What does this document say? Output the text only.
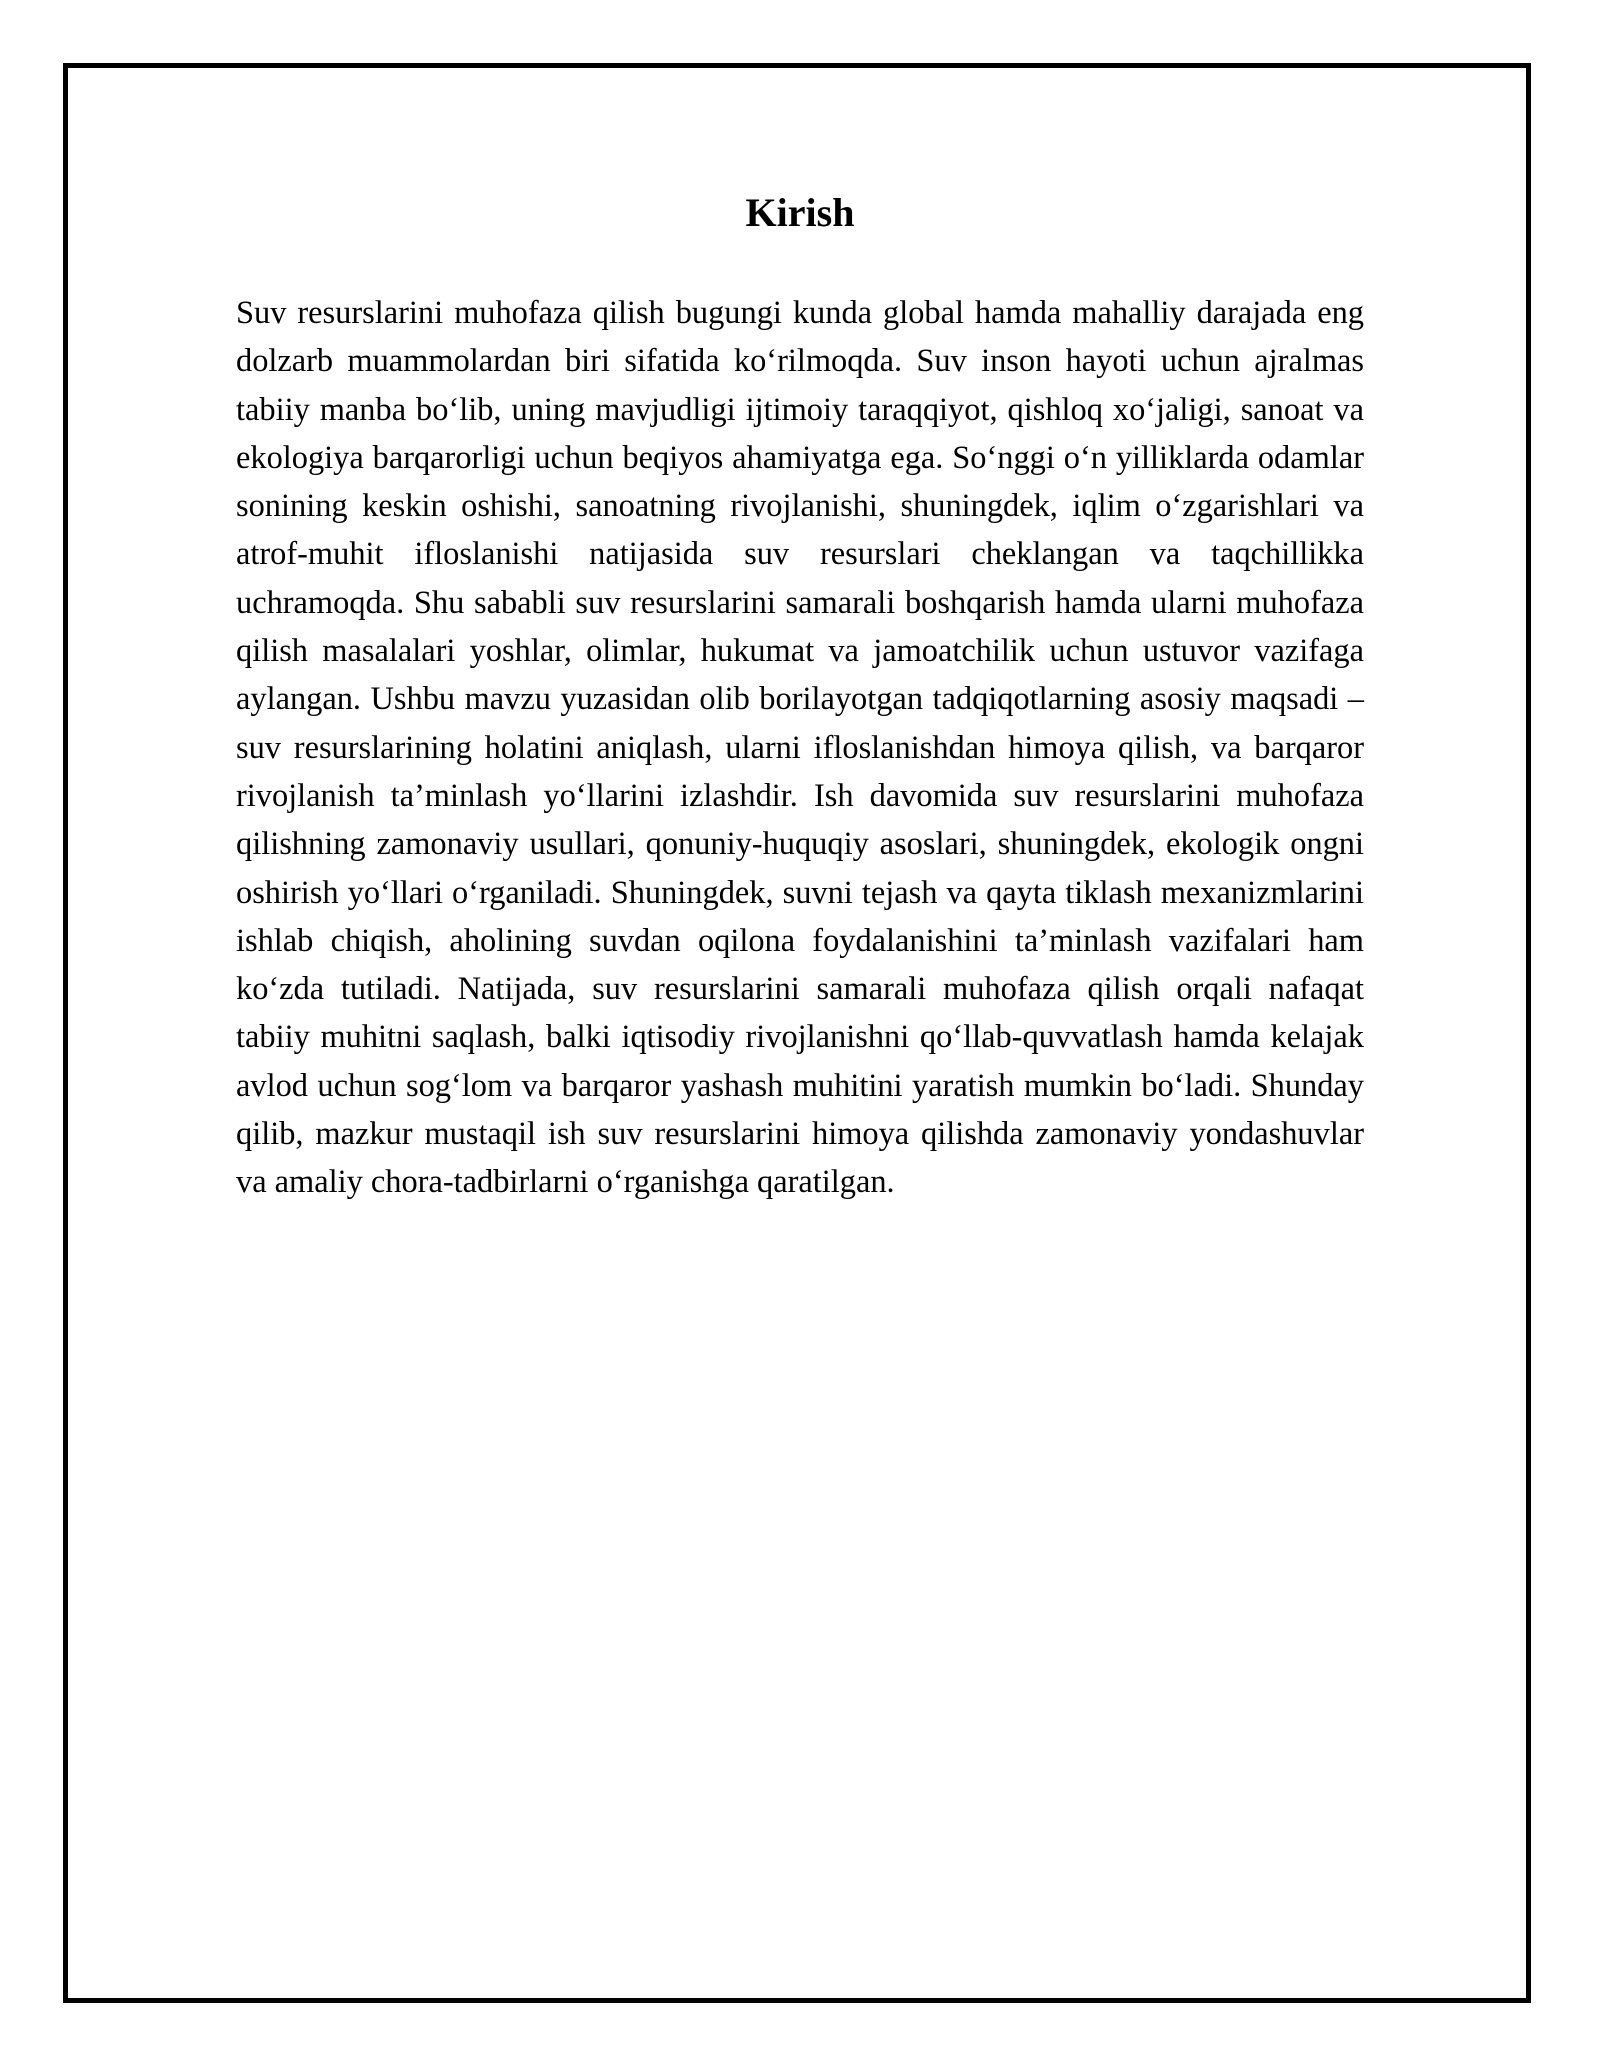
Kirish

Suv resurslarini muhofaza qilish bugungi kunda global hamda mahalliy darajada eng dolzarb muammolardan biri sifatida ko‘rilmoqda. Suv inson hayoti uchun ajralmas tabiiy manba bo‘lib, uning mavjudligi ijtimoiy taraqqiyot, qishloq xo‘jaligi, sanoat va ekologiya barqarorligi uchun beqiyos ahamiyatga ega. So‘nggi o‘n yilliklarda odamlar sonining keskin oshishi, sanoatning rivojlanishi, shuningdek, iqlim o‘zgarishlari va atrof-muhit ifloslanishi natijasida suv resurslari cheklangan va taqchillikka uchramoqda. Shu sababli suv resurslarini samarali boshqarish hamda ularni muhofaza qilish masalalari yoshlar, olimlar, hukumat va jamoatchilik uchun ustuvor vazifaga aylangan. Ushbu mavzu yuzasidan olib borilayotgan tadqiqotlarning asosiy maqsadi – suv resurslarining holatini aniqlash, ularni ifloslanishdan himoya qilish, va barqaror rivojlanish ta’minlash yo‘llarini izlashdir. Ish davomida suv resurslarini muhofaza qilishning zamonaviy usullari, qonuniy-huquqiy asoslari, shuningdek, ekologik ongni oshirish yo‘llari o‘rganiladi. Shuningdek, suvni tejash va qayta tiklash mexanizmlarini ishlab chiqish, aholining suvdan oqilona foydalanishini ta’minlash vazifalari ham ko‘zda tutiladi. Natijada, suv resurslarini samarali muhofaza qilish orqali nafaqat tabiiy muhitni saqlash, balki iqtisodiy rivojlanishni qo‘llab-quvvatlash hamda kelajak avlod uchun sog‘lom va barqaror yashash muhitini yaratish mumkin bo‘ladi. Shunday qilib, mazkur mustaqil ish suv resurslarini himoya qilishda zamonaviy yondashuvlar va amaliy chora-tadbirlarni o‘rganishga qaratilgan.
